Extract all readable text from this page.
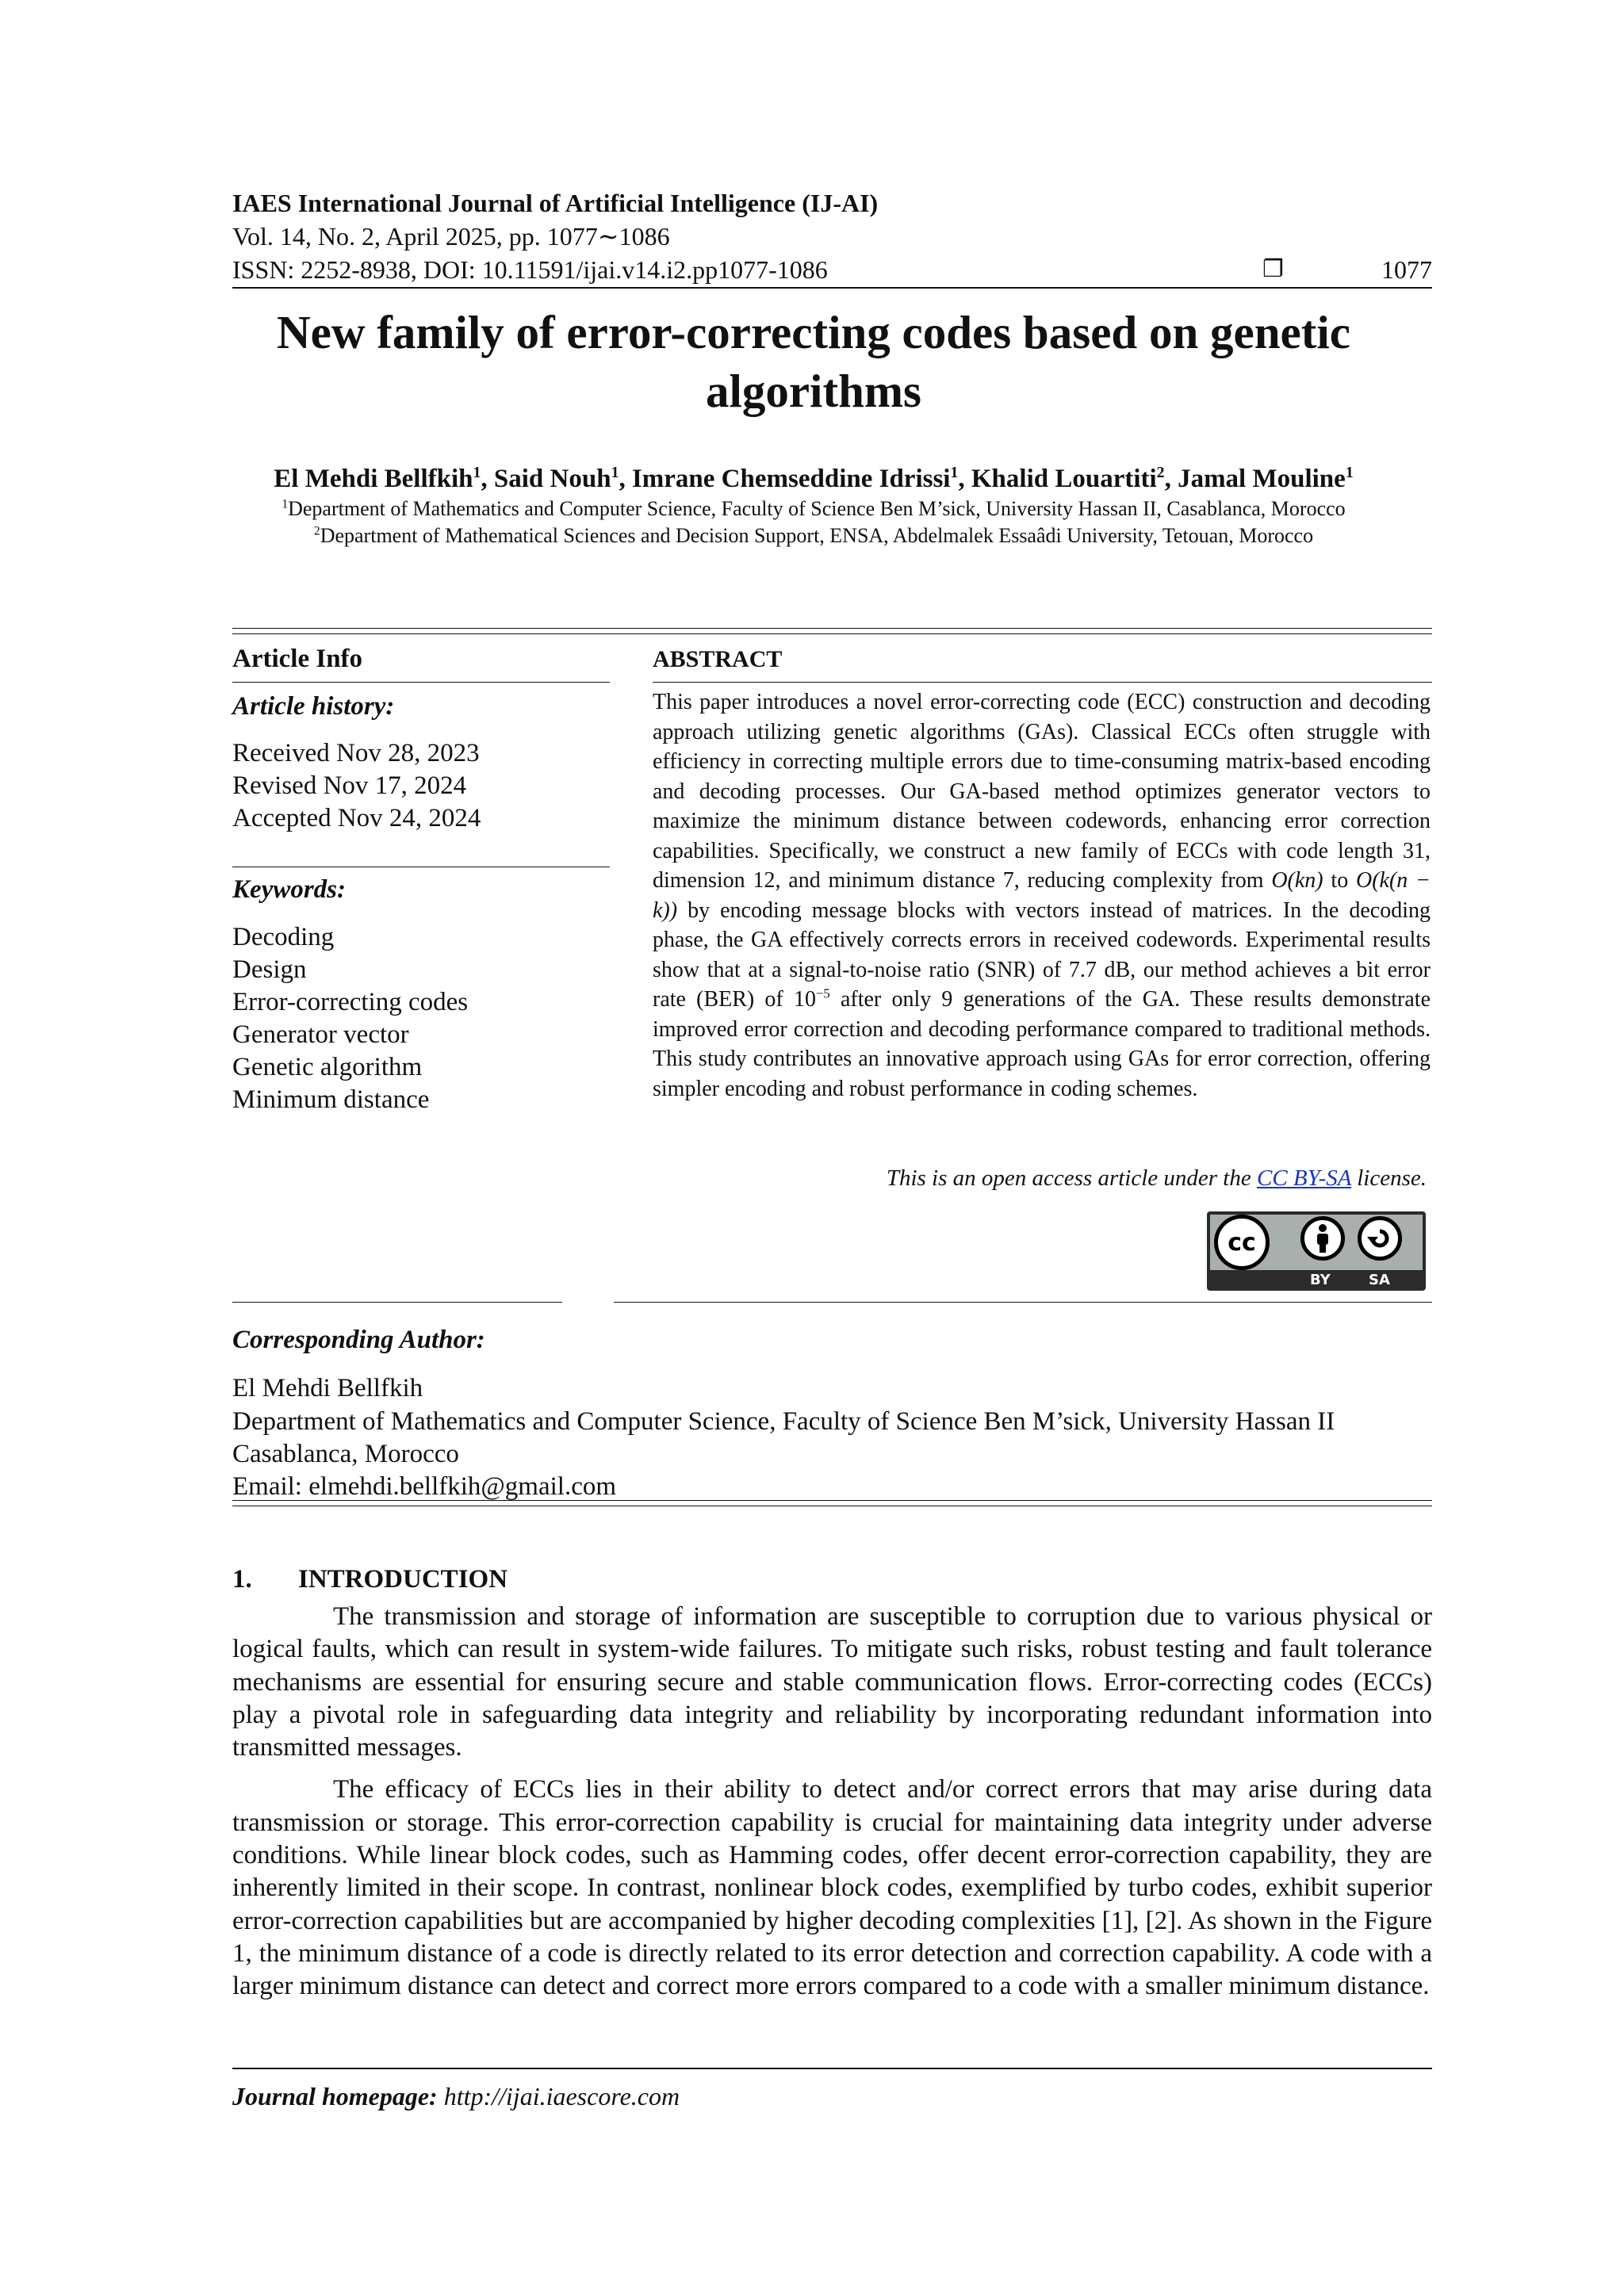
IAES International Journal of Artificial Intelligence (IJ-AI)
Vol. 14, No. 2, April 2025, pp. 1077∼1086
ISSN: 2252-8938, DOI: 10.11591/ijai.v14.i2.pp1077-1086	❐	1077
New family of error-correcting codes based on genetic
algorithms
El Mehdi Bellfkih$^1$, Said Nouh$^1$, Imrane Chemseddine Idrissi$^1$, Khalid Louartiti$^2$, Jamal Mouline$^1$
$^1$Department of Mathematics and Computer Science, Faculty of Science Ben M’sick, University Hassan II, Casablanca, Morocco
$^2$Department of Mathematical Sciences and Decision Support, ENSA, Abdelmalek Essaâdi University, Tetouan, Morocco
Article Info
Article history:
Received Nov 28, 2023
Revised Nov 17, 2024
Accepted Nov 24, 2024
Keywords:
Decoding
Design
Error-correcting codes
Generator vector
Genetic algorithm
Minimum distance
ABSTRACT
This paper introduces a novel error-correcting code (ECC) construction and decoding approach utilizing genetic algorithms (GAs). Classical ECCs often struggle with efficiency in correcting multiple errors due to time-consuming matrix-based encoding and decoding processes. Our GA-based method optimizes generator vectors to maximize the minimum distance between codewords, enhancing error correction capabilities. Specifically, we construct a new family of ECCs with code length 31, dimension 12, and minimum distance 7, reducing complexity from O(kn) to O(k(n − k)) by encoding message blocks with vectors instead of matrices. In the decoding phase, the GA effectively corrects errors in received codewords. Experimental results show that at a signal-to-noise ratio (SNR) of 7.7 dB, our method achieves a bit error rate (BER) of $10^{-5}$ after only 9 generations of the GA. These results demonstrate improved error correction and decoding performance compared to traditional methods. This study contributes an innovative approach using GAs for error correction, offering simpler encoding and robust performance in coding schemes.
This is an open access article under the CC BY-SA license.
cc
BY	SA
Corresponding Author:
El Mehdi Bellfkih
Department of Mathematics and Computer Science, Faculty of Science Ben M’sick, University Hassan II
Casablanca, Morocco
Email: elmehdi.bellfkih@gmail.com
1. INTRODUCTION

The transmission and storage of information are susceptible to corruption due to various physical or logical faults, which can result in system-wide failures. To mitigate such risks, robust testing and fault tolerance mechanisms are essential for ensuring secure and stable communication flows. Error-correcting codes (ECCs) play a pivotal role in safeguarding data integrity and reliability by incorporating redundant information into transmitted messages.

The efficacy of ECCs lies in their ability to detect and/or correct errors that may arise during data transmission or storage. This error-correction capability is crucial for maintaining data integrity under adverse conditions. While linear block codes, such as Hamming codes, offer decent error-correction capability, they are inherently limited in their scope. In contrast, nonlinear block codes, exemplified by turbo codes, exhibit superior error-correction capabilities but are accompanied by higher decoding complexities [1], [2]. As shown in the Figure 1, the minimum distance of a code is directly related to its error detection and correction capability. A code with a larger minimum distance can detect and correct more errors compared to a code with a smaller minimum distance.

Journal homepage: http://ijai.iaescore.com
